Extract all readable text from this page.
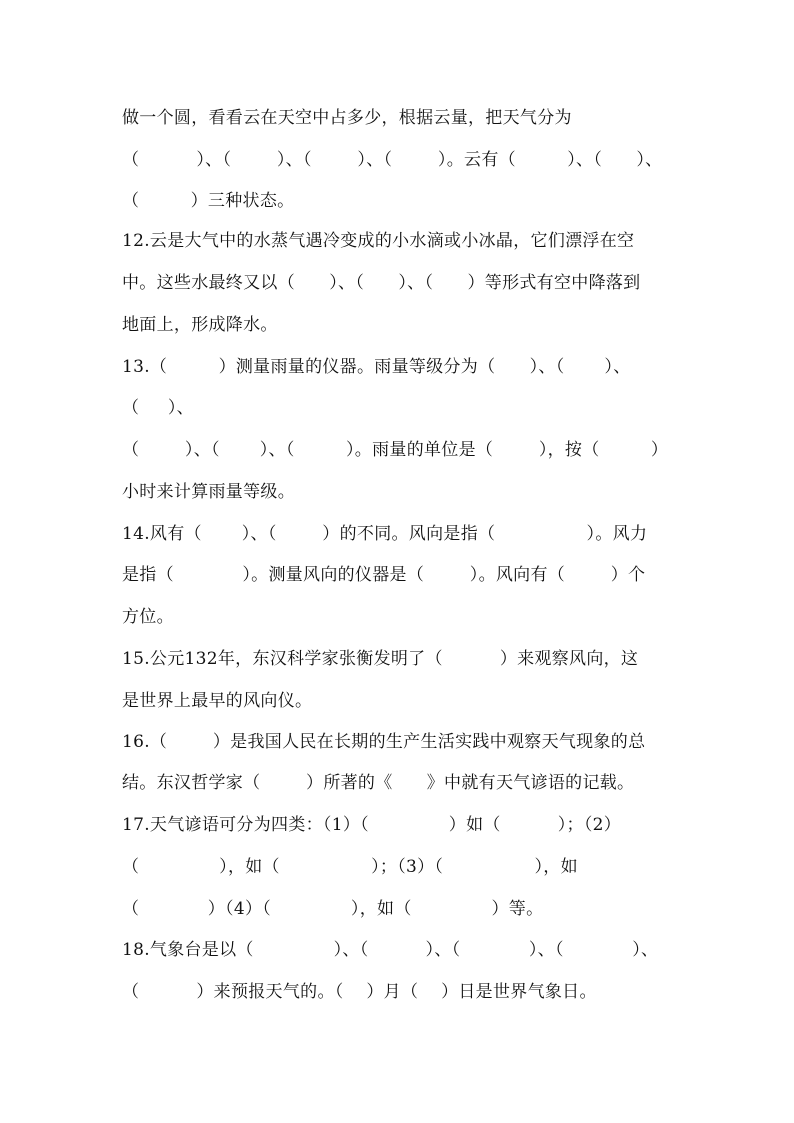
做一个圆，看看云在天空中占多少，根据云量，把天气分为
（          ）、（        ）、（        ）、（        ）。云有（         ）、（      ）、
（         ）三种状态。
12.云是大气中的水蒸气遇冷变成的小水滴或小冰晶，它们漂浮在空
中。这些水最终又以（      ）、（      ）、（      ）等形式有空中降落到
地面上，形成降水。
13.（         ）测量雨量的仪器。雨量等级分为（      ）、（       ）、
（     ）、
（        ）、（       ）、（         ）。雨量的单位是（        ），按（         ）
小时来计算雨量等级。
14.风有（       ）、（        ）的不同。风向是指（                ）。风力
是指（            ）。测量风向的仪器是（        ）。风向有（        ）个
方位。
15.公元132年，东汉科学家张衡发明了（          ）来观察风向，这
是世界上最早的风向仪。
16.（        ）是我国人民在长期的生产生活实践中观察天气现象的总
结。东汉哲学家（        ）所著的《      》中就有天气谚语的记载。
17.天气谚语可分为四类：（1）（              ）如（          ）；（2）
（              ），如（                ）；（3）（                ），如
（            ）（4）（              ），如（              ）等。
18.气象台是以（              ）、（          ）、（            ）、（            ）、
（          ）来预报天气的。（    ）月（    ）日是世界气象日。
